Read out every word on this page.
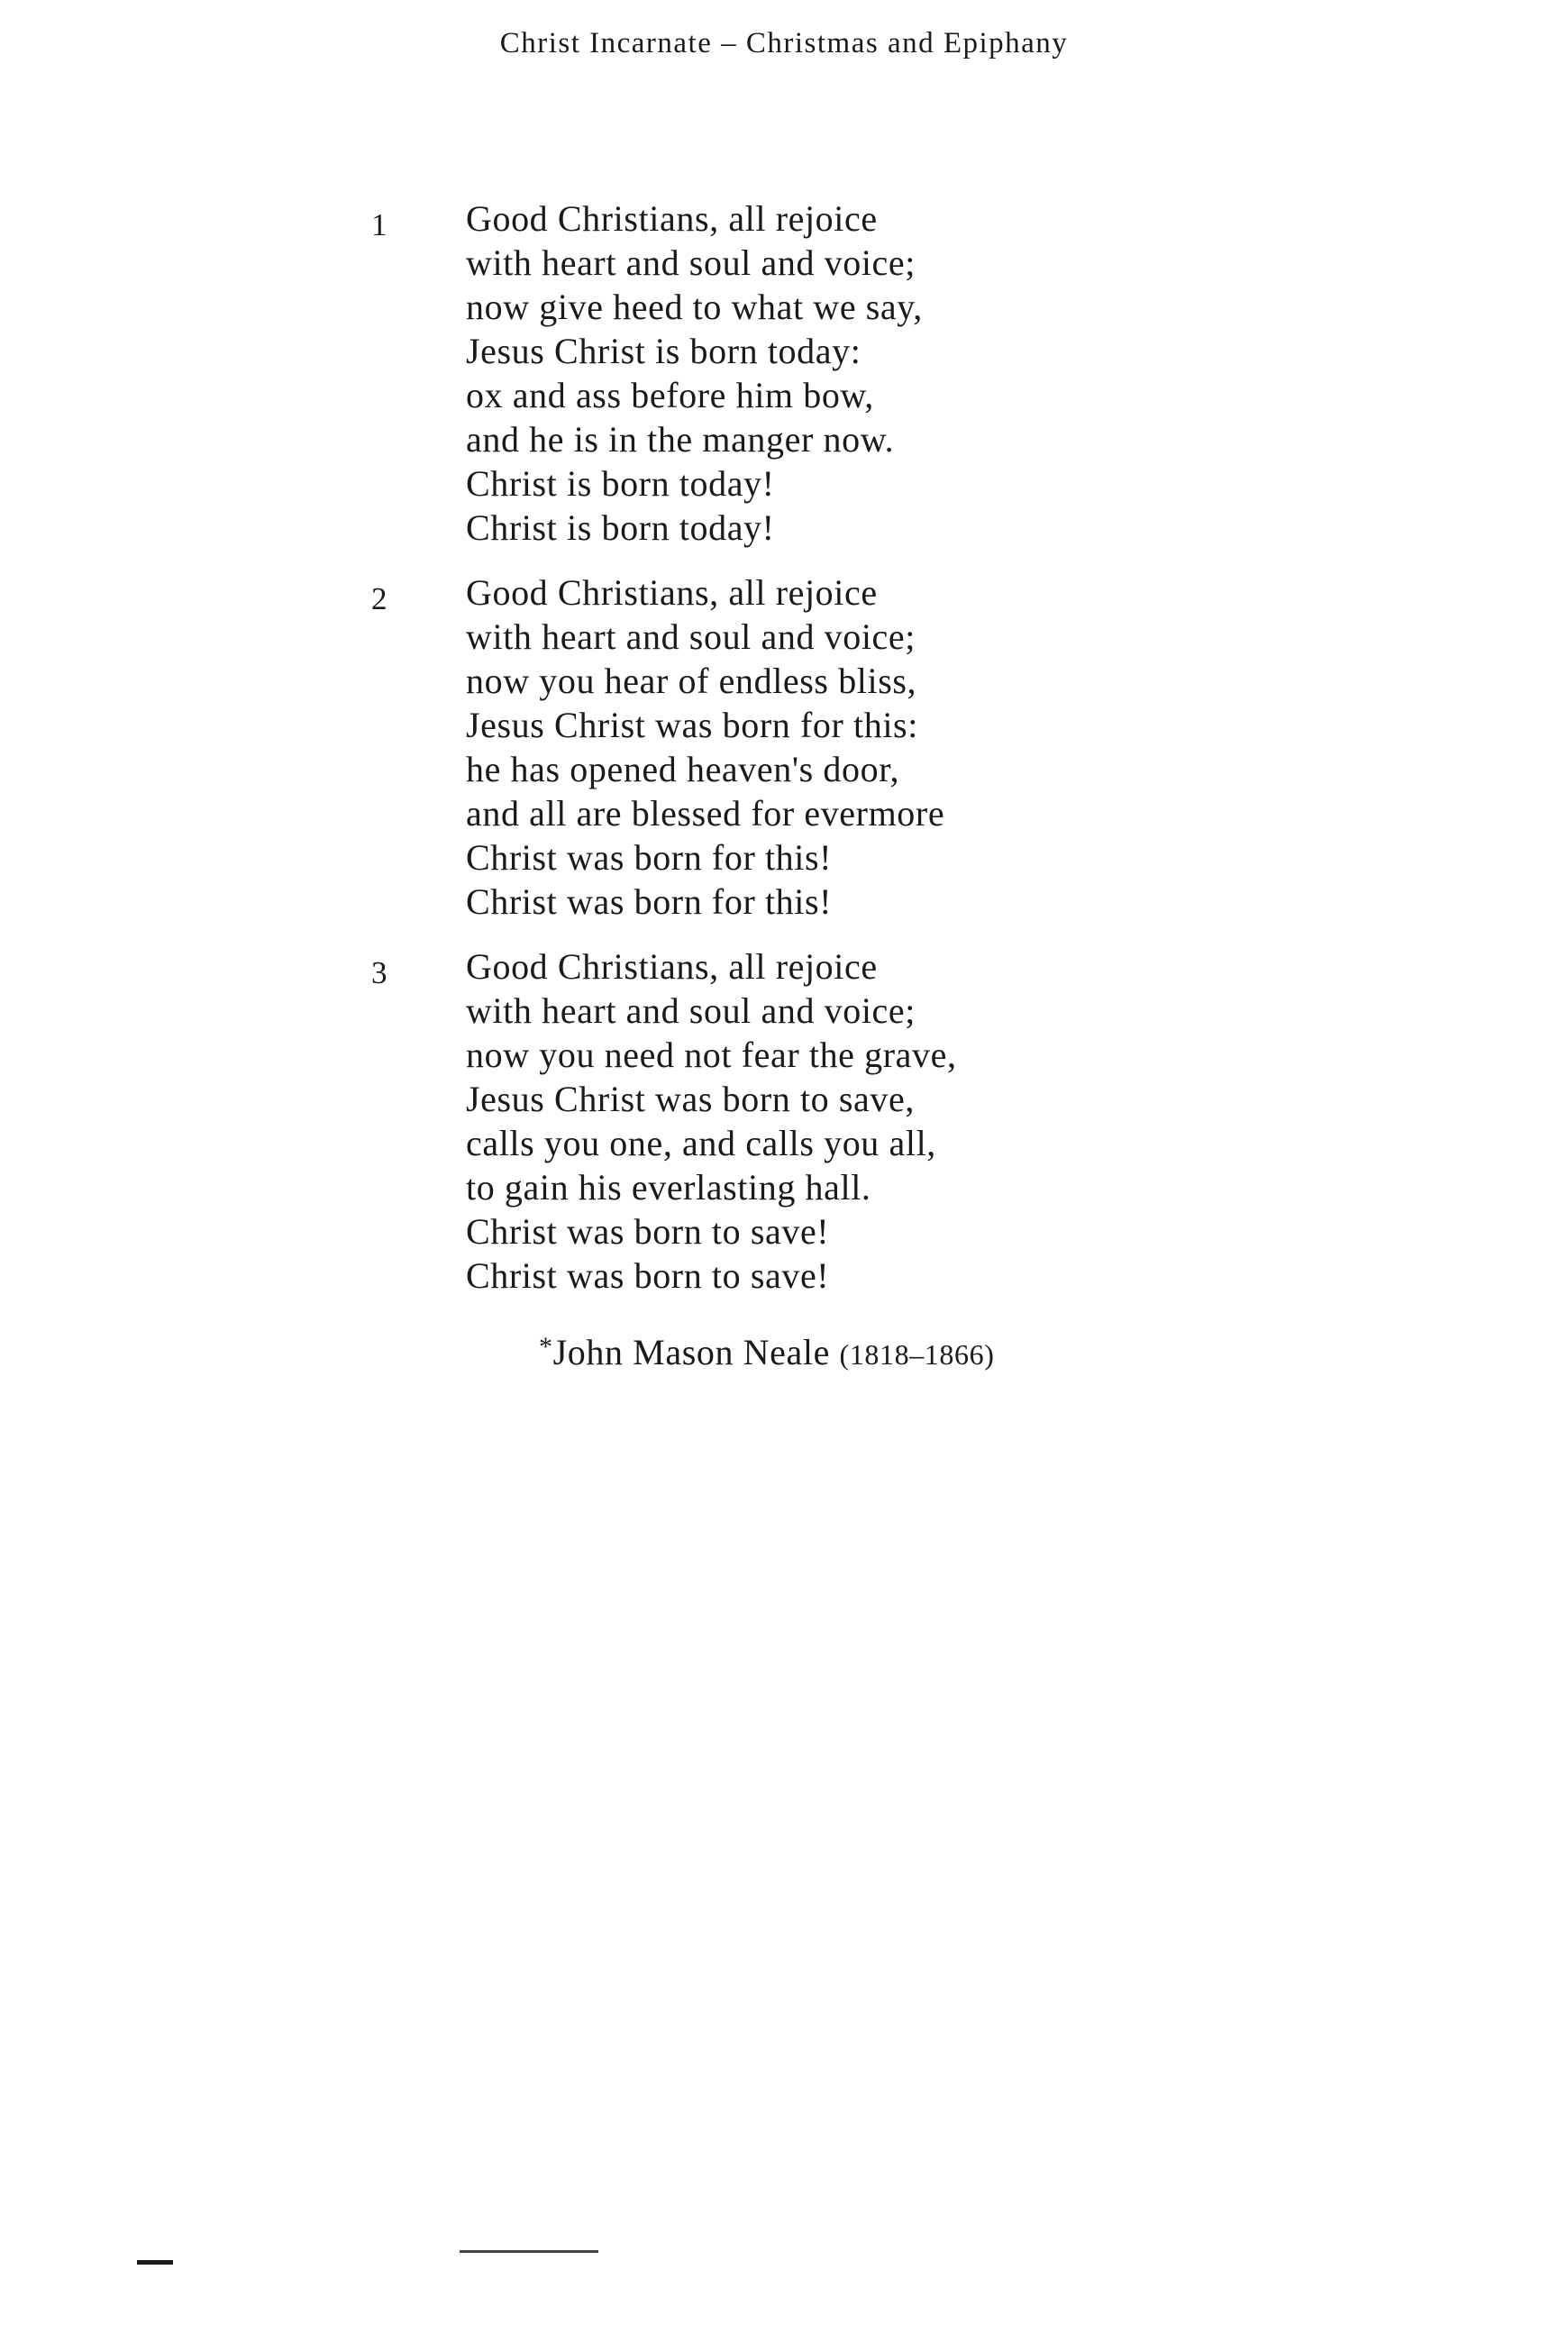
Christ Incarnate – Christmas and Epiphany
1 Good Christians, all rejoice
with heart and soul and voice;
now give heed to what we say,
Jesus Christ is born today:
ox and ass before him bow,
and he is in the manger now.
Christ is born today!
Christ is born today!
2 Good Christians, all rejoice
with heart and soul and voice;
now you hear of endless bliss,
Jesus Christ was born for this:
he has opened heaven's door,
and all are blessed for evermore
Christ was born for this!
Christ was born for this!
3 Good Christians, all rejoice
with heart and soul and voice;
now you need not fear the grave,
Jesus Christ was born to save,
calls you one, and calls you all,
to gain his everlasting hall.
Christ was born to save!
Christ was born to save!
*John Mason Neale (1818–1866)
